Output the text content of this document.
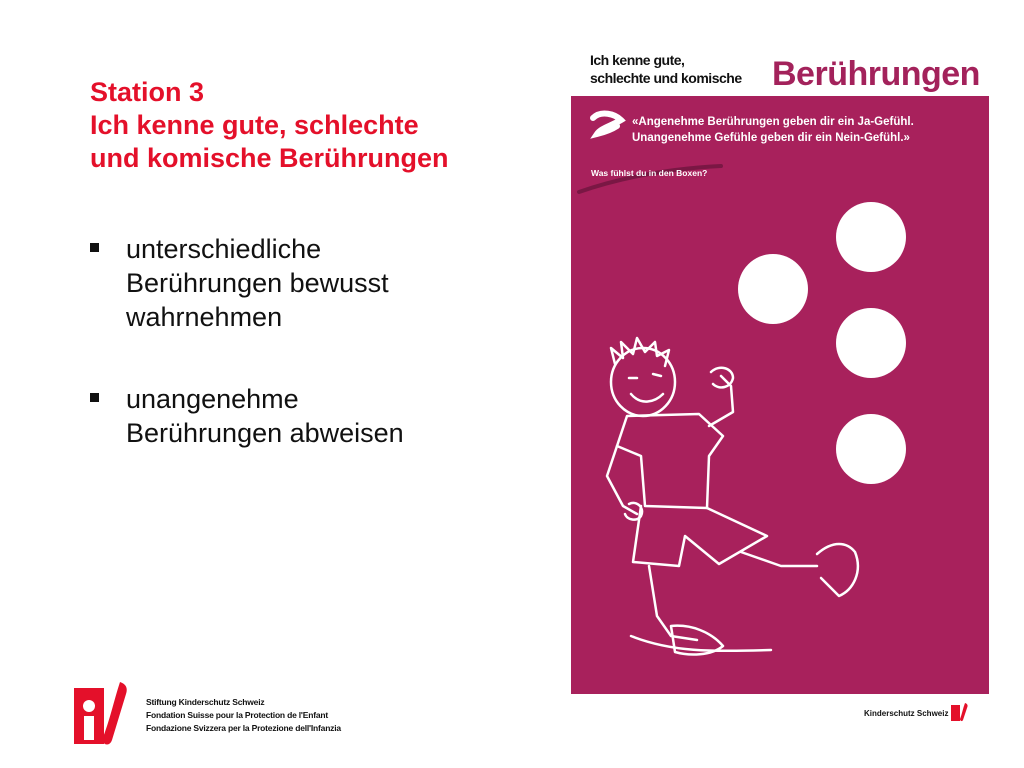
Station 3
Ich kenne gute, schlechte
und komische Berührungen
unterschiedliche
Berührungen bewusst
wahrnehmen
unangenehme
Berührungen abweisen
Ich kenne gute,
schlechte und komische Berührungen
«Angenehme Berührungen geben dir ein Ja-Gefühl.
Unangenehme Gefühle geben dir ein Nein-Gefühl.»
Was fühlst du in den Boxen?
Stiftung Kinderschutz Schweiz
Fondation Suisse pour la Protection de l'Enfant
Fondazione Svizzera per la Protezione dell'Infanzia
Kinderschutz Schweiz
